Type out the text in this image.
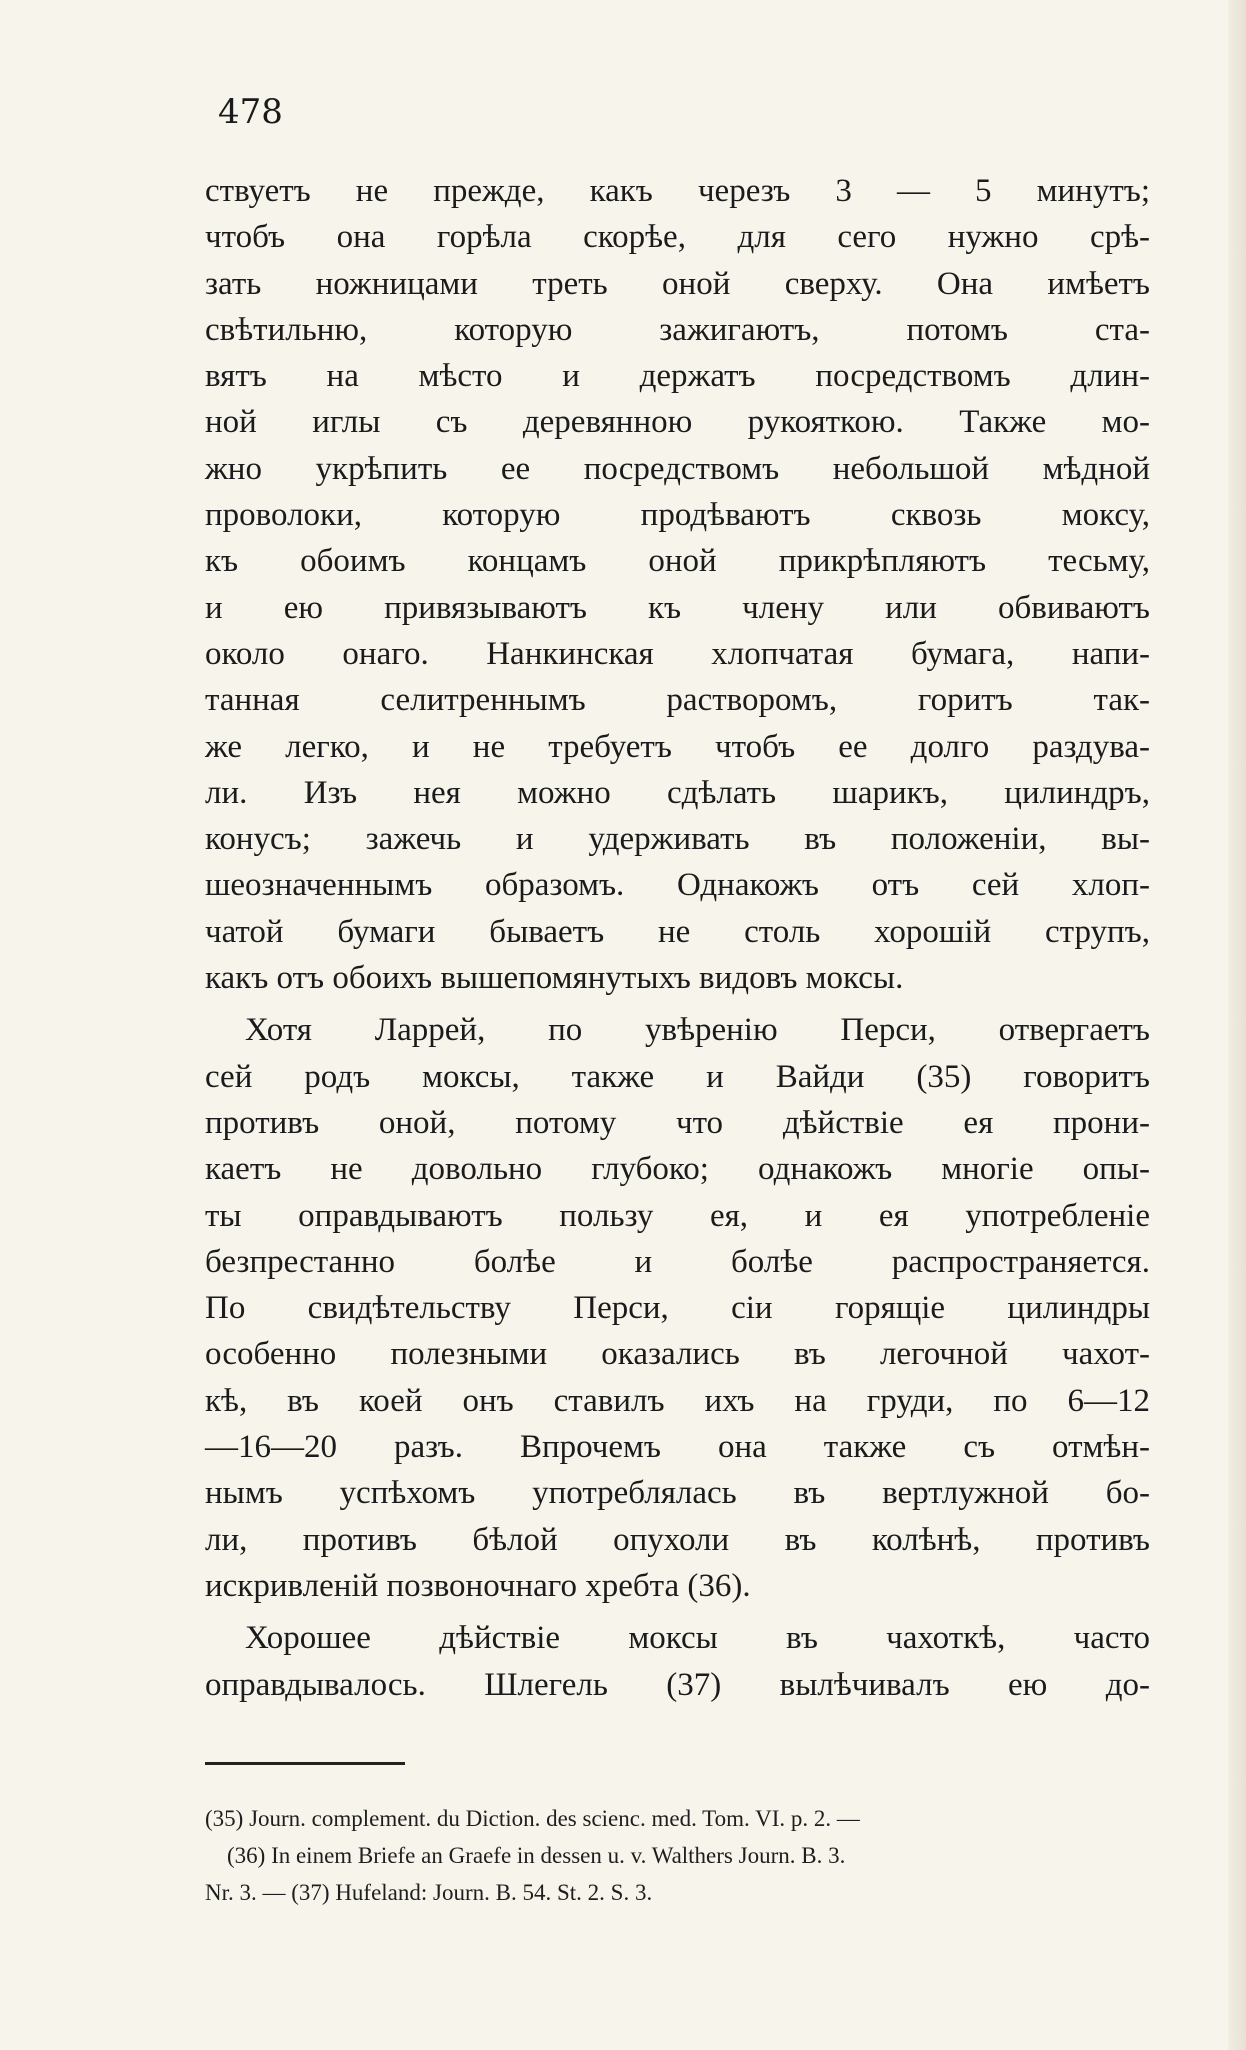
478
ствуетъ не прежде, какъ черезъ 3 — 5 минутъ;
чтобъ она горѣла скорѣе, для сего нужно срѣ-
зать ножницами треть оной сверху. Она имѣетъ
свѣтильню, которую зажигаютъ, потомъ ста-
вятъ на мѣсто и держатъ посредствомъ длин-
ной иглы съ деревянною рукояткою. Также мо-
жно укрѣпить ее посредствомъ небольшой мѣдной
проволоки, которую продѣваютъ сквозь моксу,
къ обоимъ концамъ оной прикрѣпляютъ тесьму,
и ею привязываютъ къ члену или обвиваютъ
около онаго. Нанкинская хлопчатая бумага, напи-
танная селитреннымъ растворомъ, горитъ так-
же легко, и не требуетъ чтобъ ее долго раздува-
ли. Изъ нея можно сдѣлать шарикъ, цилиндръ,
конусъ; зажечь и удерживать въ положеніи, вы-
шеозначеннымъ образомъ. Однакожъ отъ сей хлоп-
чатой бумаги бываетъ не столь хорошій струпъ,
какъ отъ обоихъ вышепомянутыхъ видовъ моксы.
Хотя Ларрей, по увѣренію Перси, отвергаетъ
сей родъ моксы, также и Вайди (35) говоритъ
противъ оной, потому что дѣйствіе ея прони-
каетъ не довольно глубоко; однакожъ многіе опы-
ты оправдываютъ пользу ея, и ея употребленіе
безпрестанно болѣе и болѣе распространяется.
По свидѣтельству Перси, сіи горящіе цилиндры
особенно полезными оказались въ легочной чахот-
кѣ, въ коей онъ ставилъ ихъ на груди, по 6—12
—16—20 разъ. Впрочемъ она также съ отмѣн-
нымъ успѣхомъ употреблялась въ вертлужной бо-
ли, противъ бѣлой опухоли въ колѣнѣ, противъ
искривленій позвоночнаго хребта (36).
Хорошее дѣйствіе моксы въ чахоткѣ, часто
оправдывалось. Шлегель (37) вылѣчивалъ ею до-
(35) Journ. complement. du Diction. des scienc. med. Tom. VI. p. 2. —
(36) In einem Briefe an Graefe in dessen u. v. Walthers Journ. B. 3.
Nr. 3. — (37) Hufeland: Journ. B. 54. St. 2. S. 3.
